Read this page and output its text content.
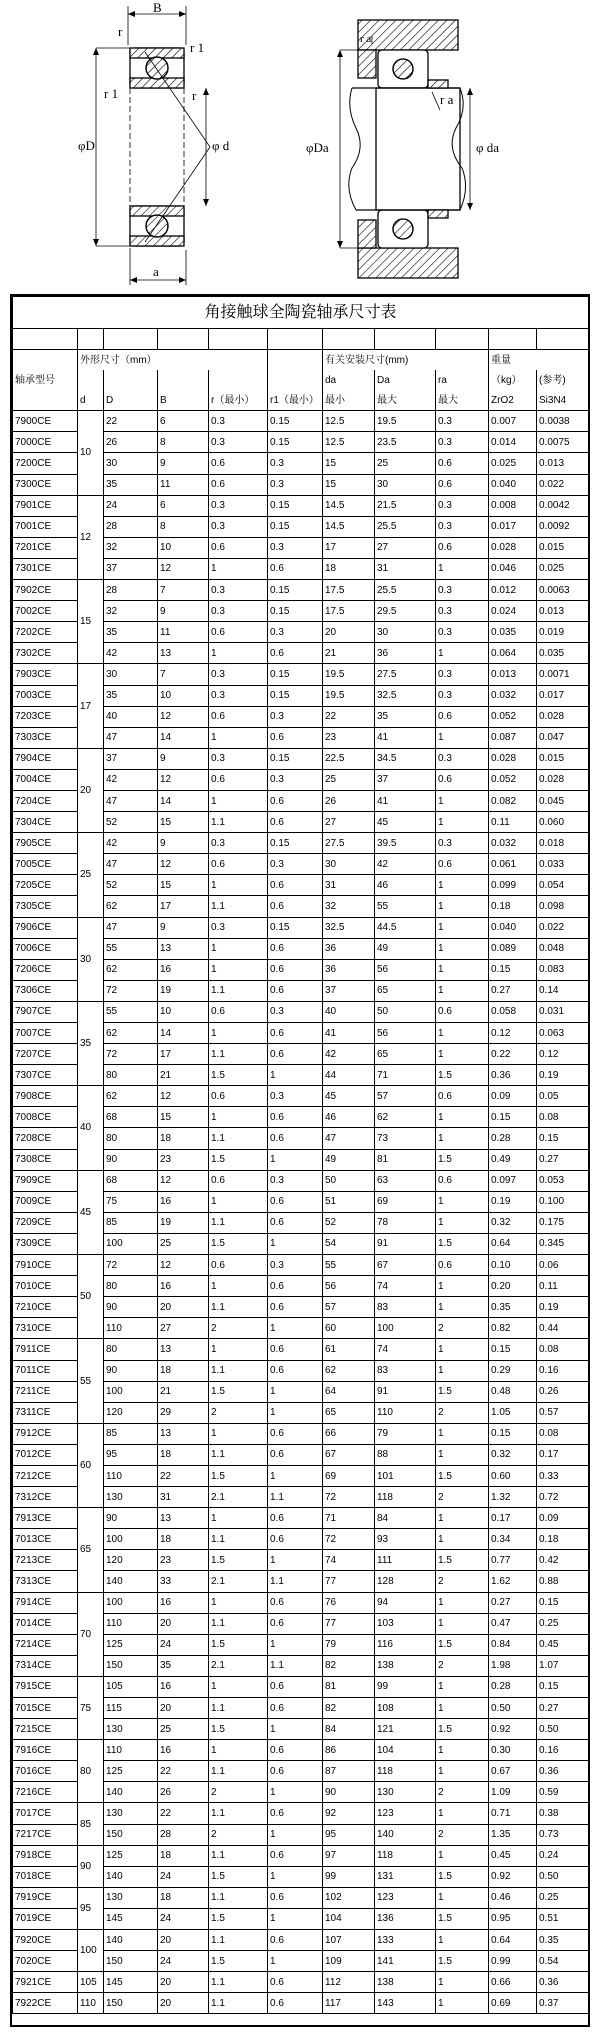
B
r
r 1
r 1	r
φD	φ d
a
r a
r a
φDa	φ da
角接触球全陶瓷轴承尺寸表										

	外形尺寸（mm）					有关安装尺寸(mm)			重量	
轴承型号						da	Da	ra	（kg）	(参考)
	d	D	B	r（最小）	r1（最小）	最小	最大	最大	ZrO2	Si3N4
7900CE	10	22	6	0.3	0.15	12.5	19.5	0.3	0.007	0.0038
7000CE		26	8	0.3	0.15	12.5	23.5	0.3	0.014	0.0075
7200CE		30	9	0.6	0.3	15	25	0.6	0.025	0.013
7300CE		35	11	0.6	0.3	15	30	0.6	0.040	0.022
7901CE	12	24	6	0.3	0.15	14.5	21.5	0.3	0.008	0.0042
7001CE		28	8	0.3	0.15	14.5	25.5	0.3	0.017	0.0092
7201CE		32	10	0.6	0.3	17	27	0.6	0.028	0.015
7301CE		37	12	1	0.6	18	31	1	0.046	0.025
7902CE	15	28	7	0.3	0.15	17.5	25.5	0.3	0.012	0.0063
7002CE		32	9	0.3	0.15	17.5	29.5	0.3	0.024	0.013
7202CE		35	11	0.6	0.3	20	30	0.3	0.035	0.019
7302CE		42	13	1	0.6	21	36	1	0.064	0.035
7903CE	17	30	7	0.3	0.15	19.5	27.5	0.3	0.013	0.0071
7003CE		35	10	0.3	0.15	19.5	32.5	0.3	0.032	0.017
7203CE		40	12	0.6	0.3	22	35	0.6	0.052	0.028
7303CE		47	14	1	0.6	23	41	1	0.087	0.047
7904CE	20	37	9	0.3	0.15	22.5	34.5	0.3	0.028	0.015
7004CE		42	12	0.6	0.3	25	37	0.6	0.052	0.028
7204CE		47	14	1	0.6	26	41	1	0.082	0.045
7304CE		52	15	1.1	0.6	27	45	1	0.11	0.060
7905CE	25	42	9	0.3	0.15	27.5	39.5	0.3	0.032	0.018
7005CE		47	12	0.6	0.3	30	42	0.6	0.061	0.033
7205CE		52	15	1	0.6	31	46	1	0.099	0.054
7305CE		62	17	1.1	0.6	32	55	1	0.18	0.098
7906CE	30	47	9	0.3	0.15	32.5	44.5	1	0.040	0.022
7006CE		55	13	1	0.6	36	49	1	0.089	0.048
7206CE		62	16	1	0.6	36	56	1	0.15	0.083
7306CE		72	19	1.1	0.6	37	65	1	0.27	0.14
7907CE	35	55	10	0.6	0.3	40	50	0.6	0.058	0.031
7007CE		62	14	1	0.6	41	56	1	0.12	0.063
7207CE		72	17	1.1	0.6	42	65	1	0.22	0.12
7307CE		80	21	1.5	1	44	71	1.5	0.36	0.19
7908CE	40	62	12	0.6	0.3	45	57	0.6	0.09	0.05
7008CE		68	15	1	0.6	46	62	1	0.15	0.08
7208CE		80	18	1.1	0.6	47	73	1	0.28	0.15
7308CE		90	23	1.5	1	49	81	1.5	0.49	0.27
7909CE	45	68	12	0.6	0.3	50	63	0.6	0.097	0.053
7009CE		75	16	1	0.6	51	69	1	0.19	0.100
7209CE		85	19	1.1	0.6	52	78	1	0.32	0.175
7309CE		100	25	1.5	1	54	91	1.5	0.64	0.345
7910CE	50	72	12	0.6	0.3	55	67	0.6	0.10	0.06
7010CE		80	16	1	0.6	56	74	1	0.20	0.11
7210CE		90	20	1.1	0.6	57	83	1	0.35	0.19
7310CE		110	27	2	1	60	100	2	0.82	0.44
7911CE	55	80	13	1	0.6	61	74	1	0.15	0.08
7011CE		90	18	1.1	0.6	62	83	1	0.29	0.16
7211CE		100	21	1.5	1	64	91	1.5	0.48	0.26
7311CE		120	29	2	1	65	110	2	1.05	0.57
7912CE	60	85	13	1	0.6	66	79	1	0.15	0.08
7012CE		95	18	1.1	0.6	67	88	1	0.32	0.17
7212CE		110	22	1.5	1	69	101	1.5	0.60	0.33
7312CE		130	31	2.1	1.1	72	118	2	1.32	0.72
7913CE	65	90	13	1	0.6	71	84	1	0.17	0.09
7013CE		100	18	1.1	0.6	72	93	1	0.34	0.18
7213CE		120	23	1.5	1	74	111	1.5	0.77	0.42
7313CE		140	33	2.1	1.1	77	128	2	1.62	0.88
7914CE	70	100	16	1	0.6	76	94	1	0.27	0.15
7014CE		110	20	1.1	0.6	77	103	1	0.47	0.25
7214CE		125	24	1.5	1	79	116	1.5	0.84	0.45
7314CE		150	35	2.1	1.1	82	138	2	1.98	1.07
7915CE	75	105	16	1	0.6	81	99	1	0.28	0.15
7015CE		115	20	1.1	0.6	82	108	1	0.50	0.27
7215CE		130	25	1.5	1	84	121	1.5	0.92	0.50
7916CE	80	110	16	1	0.6	86	104	1	0.30	0.16
7016CE		125	22	1.1	0.6	87	118	1	0.67	0.36
7216CE		140	26	2	1	90	130	2	1.09	0.59
7017CE	85	130	22	1.1	0.6	92	123	1	0.71	0.38
7217CE		150	28	2	1	95	140	2	1.35	0.73
7918CE	90	125	18	1.1	0.6	97	118	1	0.45	0.24
7018CE		140	24	1.5	1	99	131	1.5	0.92	0.50
7919CE	95	130	18	1.1	0.6	102	123	1	0.46	0.25
7019CE		145	24	1.5	1	104	136	1.5	0.95	0.51
7920CE	100	140	20	1.1	0.6	107	133	1	0.64	0.35
7020CE		150	24	1.5	1	109	141	1.5	0.99	0.54
7921CE	105	145	20	1.1	0.6	112	138	1	0.66	0.36
7922CE	110	150	20	1.1	0.6	117	143	1	0.69	0.37
